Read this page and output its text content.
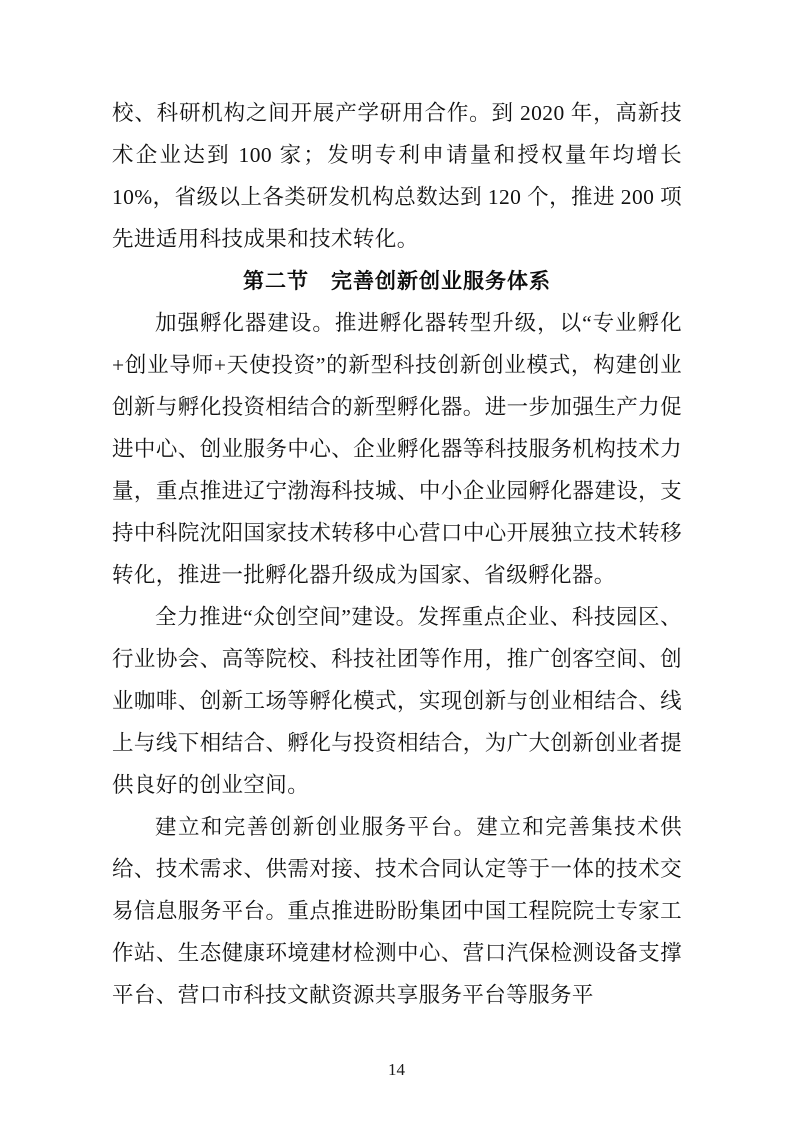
校、科研机构之间开展产学研用合作。到 2020 年，高新技术企业达到 100 家；发明专利申请量和授权量年均增长 10%，省级以上各类研发机构总数达到 120 个，推进 200 项先进适用科技成果和技术转化。

第二节　完善创新创业服务体系

加强孵化器建设。推进孵化器转型升级，以“专业孵化+创业导师+天使投资”的新型科技创新创业模式，构建创业创新与孵化投资相结合的新型孵化器。进一步加强生产力促进中心、创业服务中心、企业孵化器等科技服务机构技术力量，重点推进辽宁渤海科技城、中小企业园孵化器建设，支持中科院沈阳国家技术转移中心营口中心开展独立技术转移转化，推进一批孵化器升级成为国家、省级孵化器。

全力推进“众创空间”建设。发挥重点企业、科技园区、行业协会、高等院校、科技社团等作用，推广创客空间、创业咖啡、创新工场等孵化模式，实现创新与创业相结合、线上与线下相结合、孵化与投资相结合，为广大创新创业者提供良好的创业空间。

建立和完善创新创业服务平台。建立和完善集技术供给、技术需求、供需对接、技术合同认定等于一体的技术交易信息服务平台。重点推进盼盼集团中国工程院院士专家工作站、生态健康环境建材检测中心、营口汽保检测设备支撑平台、营口市科技文献资源共享服务平台等服务平

14
